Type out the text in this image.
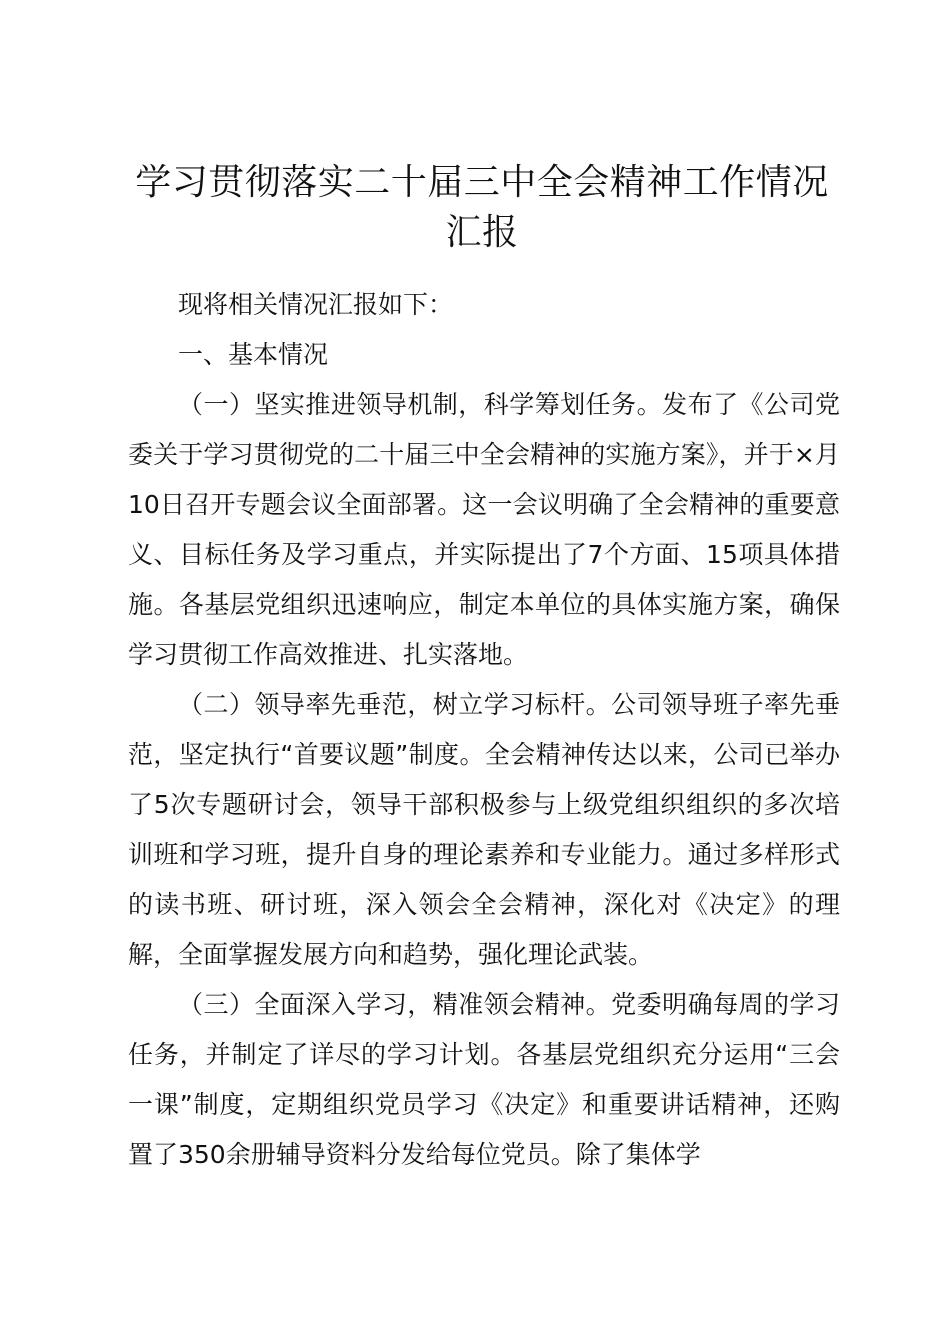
学习贯彻落实二十届三中全会精神工作情况汇报

现将相关情况汇报如下：

一、基本情况

（一）坚实推进领导机制，科学筹划任务。发布了《公司党委关于学习贯彻党的二十届三中全会精神的实施方案》，并于×月10日召开专题会议全面部署。这一会议明确了全会精神的重要意义、目标任务及学习重点，并实际提出了7个方面、15项具体措施。各基层党组织迅速响应，制定本单位的具体实施方案，确保学习贯彻工作高效推进、扎实落地。

（二）领导率先垂范，树立学习标杆。公司领导班子率先垂范，坚定执行“首要议题”制度。全会精神传达以来，公司已举办了5次专题研讨会，领导干部积极参与上级党组织组织的多次培训班和学习班，提升自身的理论素养和专业能力。通过多样形式的读书班、研讨班，深入领会全会精神，深化对《决定》的理解，全面掌握发展方向和趋势，强化理论武装。

（三）全面深入学习，精准领会精神。党委明确每周的学习任务，并制定了详尽的学习计划。各基层党组织充分运用“三会一课”制度，定期组织党员学习《决定》和重要讲话精神，还购置了350余册辅导资料分发给每位党员。除了集体学
